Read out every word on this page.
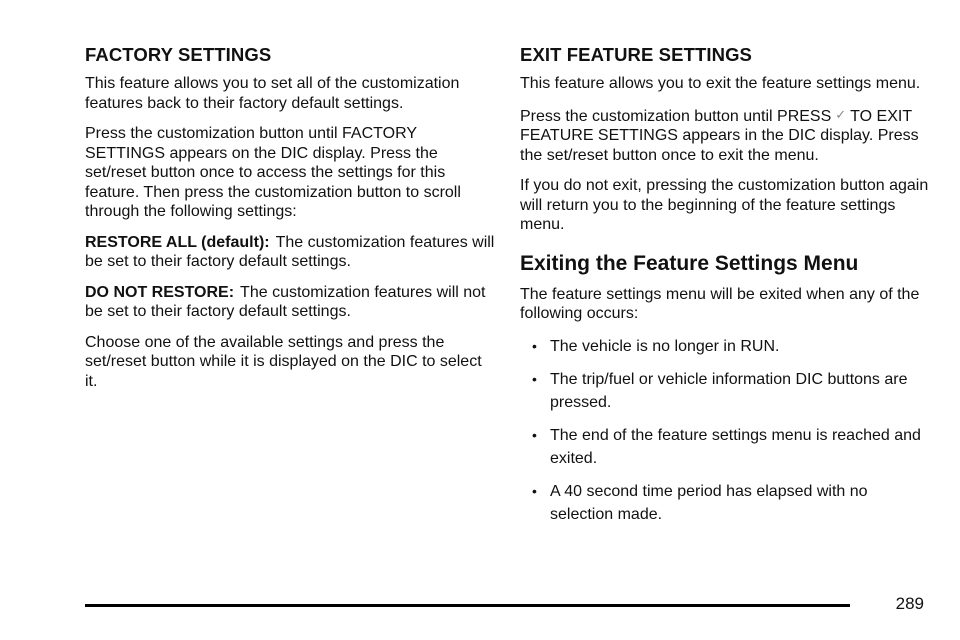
FACTORY SETTINGS

This feature allows you to set all of the customization features back to their factory default settings.

Press the customization button until FACTORY SETTINGS appears on the DIC display. Press the set/reset button once to access the settings for this feature. Then press the customization button to scroll through the following settings:

RESTORE ALL (default): The customization features will be set to their factory default settings.

DO NOT RESTORE: The customization features will not be set to their factory default settings.

Choose one of the available settings and press the set/reset button while it is displayed on the DIC to select it.

EXIT FEATURE SETTINGS

This feature allows you to exit the feature settings menu.

Press the customization button until PRESS ✓ TO EXIT FEATURE SETTINGS appears in the DIC display. Press the set/reset button once to exit the menu.

If you do not exit, pressing the customization button again will return you to the beginning of the feature settings menu.

Exiting the Feature Settings Menu

The feature settings menu will be exited when any of the following occurs:

• The vehicle is no longer in RUN.
• The trip/fuel or vehicle information DIC buttons are pressed.
• The end of the feature settings menu is reached and exited.
• A 40 second time period has elapsed with no selection made.
289
